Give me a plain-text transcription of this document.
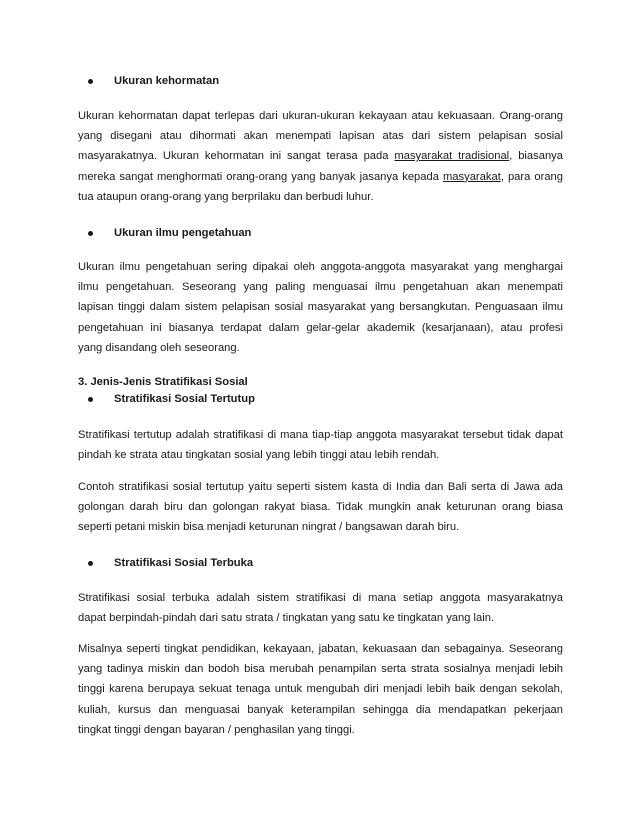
Ukuran kehormatan
Ukuran kehormatan dapat terlepas dari ukuran-ukuran kekayaan atau kekuasaan. Orang-orang
yang disegani atau dihormati akan menempati lapisan atas dari sistem pelapisan sosial
masyarakatnya. Ukuran kehormatan ini sangat terasa pada masyarakat tradisional, biasanya
mereka sangat menghormati orang-orang yang banyak jasanya kepada masyarakat, para orang
tua ataupun orang-orang yang berprilaku dan berbudi luhur.
Ukuran ilmu pengetahuan
Ukuran ilmu pengetahuan sering dipakai oleh anggota-anggota masyarakat yang menghargai
ilmu pengetahuan. Seseorang yang paling menguasai ilmu pengetahuan akan menempati
lapisan tinggi dalam sistem pelapisan sosial masyarakat yang bersangkutan. Penguasaan ilmu
pengetahuan ini biasanya terdapat dalam gelar-gelar akademik (kesarjanaan), atau profesi
yang disandang oleh seseorang.
3. Jenis-Jenis Stratifikasi Sosial
Stratifikasi Sosial Tertutup
Stratifikasi tertutup adalah stratifikasi di mana tiap-tiap anggota masyarakat tersebut tidak dapat
pindah ke strata atau tingkatan sosial yang lebih tinggi atau lebih rendah.
Contoh stratifikasi sosial tertutup yaitu seperti sistem kasta di India dan Bali serta di Jawa ada
golongan darah biru dan golongan rakyat biasa. Tidak mungkin anak keturunan orang biasa
seperti petani miskin bisa menjadi keturunan ningrat / bangsawan darah biru.
Stratifikasi Sosial Terbuka
Stratifikasi sosial terbuka adalah sistem stratifikasi di mana setiap anggota masyarakatnya
dapat berpindah-pindah dari satu strata / tingkatan yang satu ke tingkatan yang lain.
Misalnya seperti tingkat pendidikan, kekayaan, jabatan, kekuasaan dan sebagainya. Seseorang
yang tadinya miskin dan bodoh bisa merubah penampilan serta strata sosialnya menjadi lebih
tinggi karena berupaya sekuat tenaga untuk mengubah diri menjadi lebih baik dengan sekolah,
kuliah, kursus dan menguasai banyak keterampilan sehingga dia mendapatkan pekerjaan
tingkat tinggi dengan bayaran / penghasilan yang tinggi.
